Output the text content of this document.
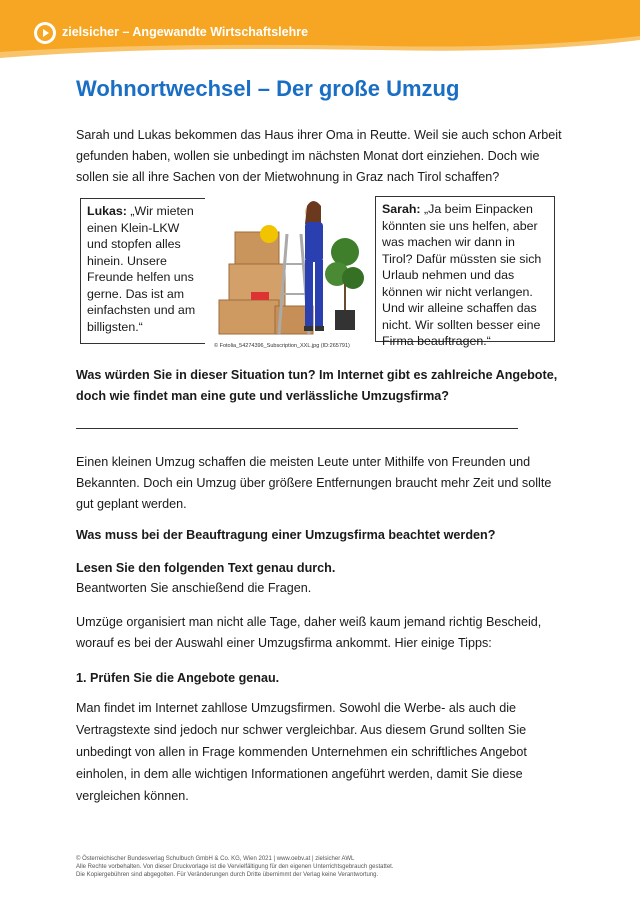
zielsicher – Angewandte Wirtschaftslehre
Wohnortwechsel – Der große Umzug

Sarah und Lukas bekommen das Haus ihrer Oma in Reutte. Weil sie auch schon Arbeit gefunden haben, wollen sie unbedingt im nächsten Monat dort einziehen. Doch wie sollen sie all ihre Sachen von der Mietwohnung in Graz nach Tirol schaffen?

Lukas: „Wir mieten einen Klein-LKW und stopfen alles hinein. Unsere Freunde helfen uns gerne. Das ist am einfachsten und am billigsten.“
© Fotolia_54274396_Subscription_XXL.jpg (ID:265791)
Sarah: „Ja beim Einpacken könnten sie uns helfen, aber was machen wir dann in Tirol? Dafür müssten sie sich Urlaub nehmen und das können wir nicht verlangen. Und wir alleine schaffen das nicht. Wir sollten besser eine Firma beauftragen.“

Was würden Sie in dieser Situation tun? Im Internet gibt es zahlreiche Angebote, doch wie findet man eine gute und verlässliche Umzugsfirma?

Einen kleinen Umzug schaffen die meisten Leute unter Mithilfe von Freunden und Bekannten. Doch ein Umzug über größere Entfernungen braucht mehr Zeit und sollte gut geplant werden.

Was muss bei der Beauftragung einer Umzugsfirma beachtet werden?

Lesen Sie den folgenden Text genau durch.

Beantworten Sie anschießend die Fragen.

Umzüge organisiert man nicht alle Tage, daher weiß kaum jemand richtig Bescheid, worauf es bei der Auswahl einer Umzugsfirma ankommt. Hier einige Tipps:

1. Prüfen Sie die Angebote genau.

Man findet im Internet zahllose Umzugsfirmen. Sowohl die Werbe- als auch die Vertragstexte sind jedoch nur schwer vergleichbar. Aus diesem Grund sollten Sie unbedingt von allen in Frage kommenden Unternehmen ein schriftliches Angebot einholen, in dem alle wichtigen Informationen angeführt werden, damit Sie diese vergleichen können.

© Österreichischer Bundesverlag Schulbuch GmbH & Co. KG, Wien 2021 | www.oebv.at | zielsicher AWL
Alle Rechte vorbehalten. Von dieser Druckvorlage ist die Vervielfältigung für den eigenen Unterrichtsgebrauch gestattet.
Die Kopiergebühren sind abgegolten. Für Veränderungen durch Dritte übernimmt der Verlag keine Verantwortung.
